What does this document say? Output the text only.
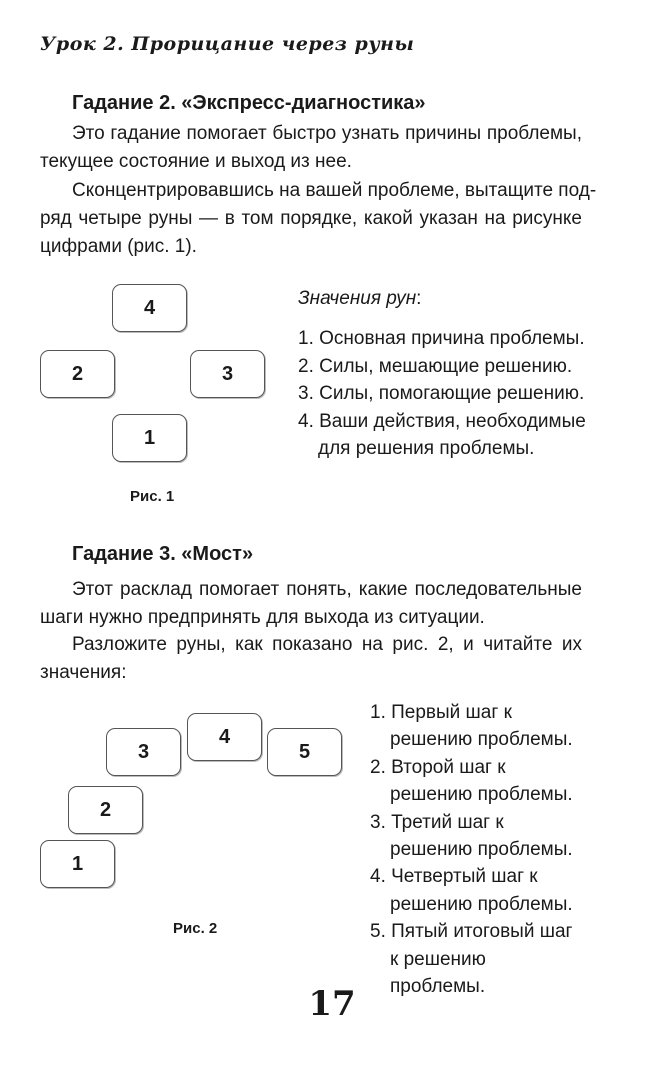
Урок 2. Прорицание через руны
Гадание 2. «Экспресс-диагностика»
Это гадание помогает быстро узнать причины проблемы,
текущее состояние и выход из нее.
Сконцентрировавшись на вашей проблеме, вытащите под-
ряд четыре руны — в том порядке, какой указан на рисунке
цифрами (рис. 1).
4
2	3
1
Рис. 1
Значения рун:
1. Основная причина проблемы.
2. Силы, мешающие решению.
3. Силы, помогающие решению.
4. Ваши действия, необходимые для решения проблемы.
Гадание 3. «Мост»
Этот расклад помогает понять, какие последовательные
шаги нужно предпринять для выхода из ситуации.
Разложите руны, как показано на рис. 2, и читайте их
значения:
4
3	5
2
1
Рис. 2
1. Первый шаг к решению проблемы.
2. Второй шаг к решению проблемы.
3. Третий шаг к решению проблемы.
4. Четвертый шаг к решению проблемы.
5. Пятый итоговый шаг к решению проблемы.
17
